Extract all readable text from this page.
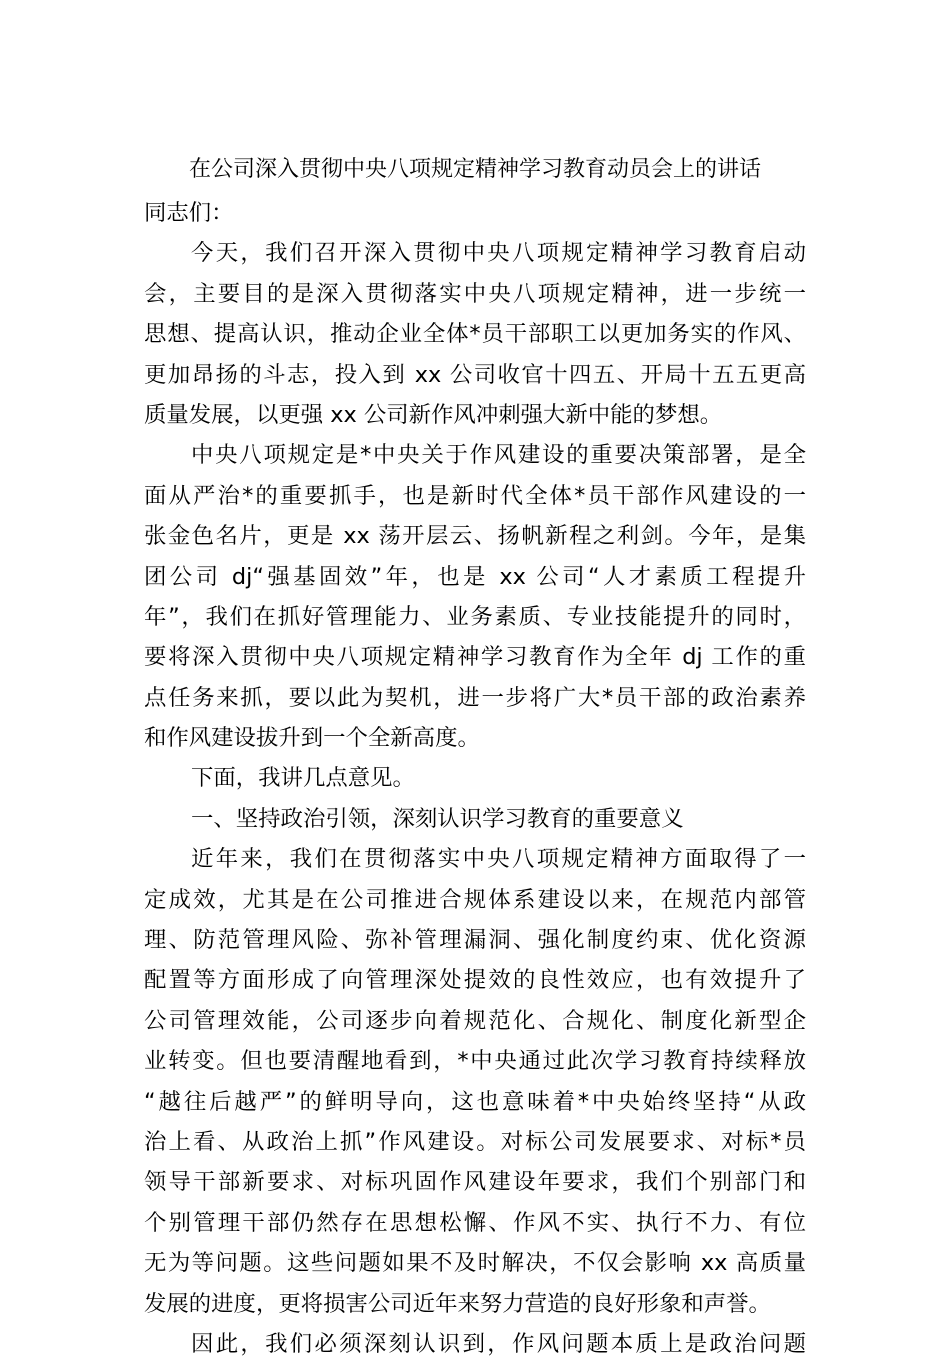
在公司深入贯彻中央八项规定精神学习教育动员会上的讲话
同志们：
今天，我们召开深入贯彻中央八项规定精神学习教育启动
会，主要目的是深入贯彻落实中央八项规定精神，进一步统一
思想、提高认识，推动企业全体*员干部职工以更加务实的作风、
更加昂扬的斗志，投入到 xx 公司收官十四五、开局十五五更高
质量发展，以更强 xx 公司新作风冲刺强大新中能的梦想。
中央八项规定是*中央关于作风建设的重要决策部署，是全
面从严治*的重要抓手，也是新时代全体*员干部作风建设的一
张金色名片，更是 xx 荡开层云、扬帆新程之利剑。今年，是集
团公司 dj“强基固效”年，也是 xx 公司“人才素质工程提升
年”，我们在抓好管理能力、业务素质、专业技能提升的同时，
要将深入贯彻中央八项规定精神学习教育作为全年 dj 工作的重
点任务来抓，要以此为契机，进一步将广大*员干部的政治素养
和作风建设拔升到一个全新高度。
下面，我讲几点意见。
一、坚持政治引领，深刻认识学习教育的重要意义
近年来，我们在贯彻落实中央八项规定精神方面取得了一
定成效，尤其是在公司推进合规体系建设以来，在规范内部管
理、防范管理风险、弥补管理漏洞、强化制度约束、优化资源
配置等方面形成了向管理深处提效的良性效应，也有效提升了
公司管理效能，公司逐步向着规范化、合规化、制度化新型企
业转变。但也要清醒地看到，*中央通过此次学习教育持续释放
“越往后越严”的鲜明导向，这也意味着*中央始终坚持“从政
治上看、从政治上抓”作风建设。对标公司发展要求、对标*员
领导干部新要求、对标巩固作风建设年要求，我们个别部门和
个别管理干部仍然存在思想松懈、作风不实、执行不力、有位
无为等问题。这些问题如果不及时解决，不仅会影响 xx 高质量
发展的进度，更将损害公司近年来努力营造的良好形象和声誉。
因此，我们必须深刻认识到，作风问题本质上是政治问题
